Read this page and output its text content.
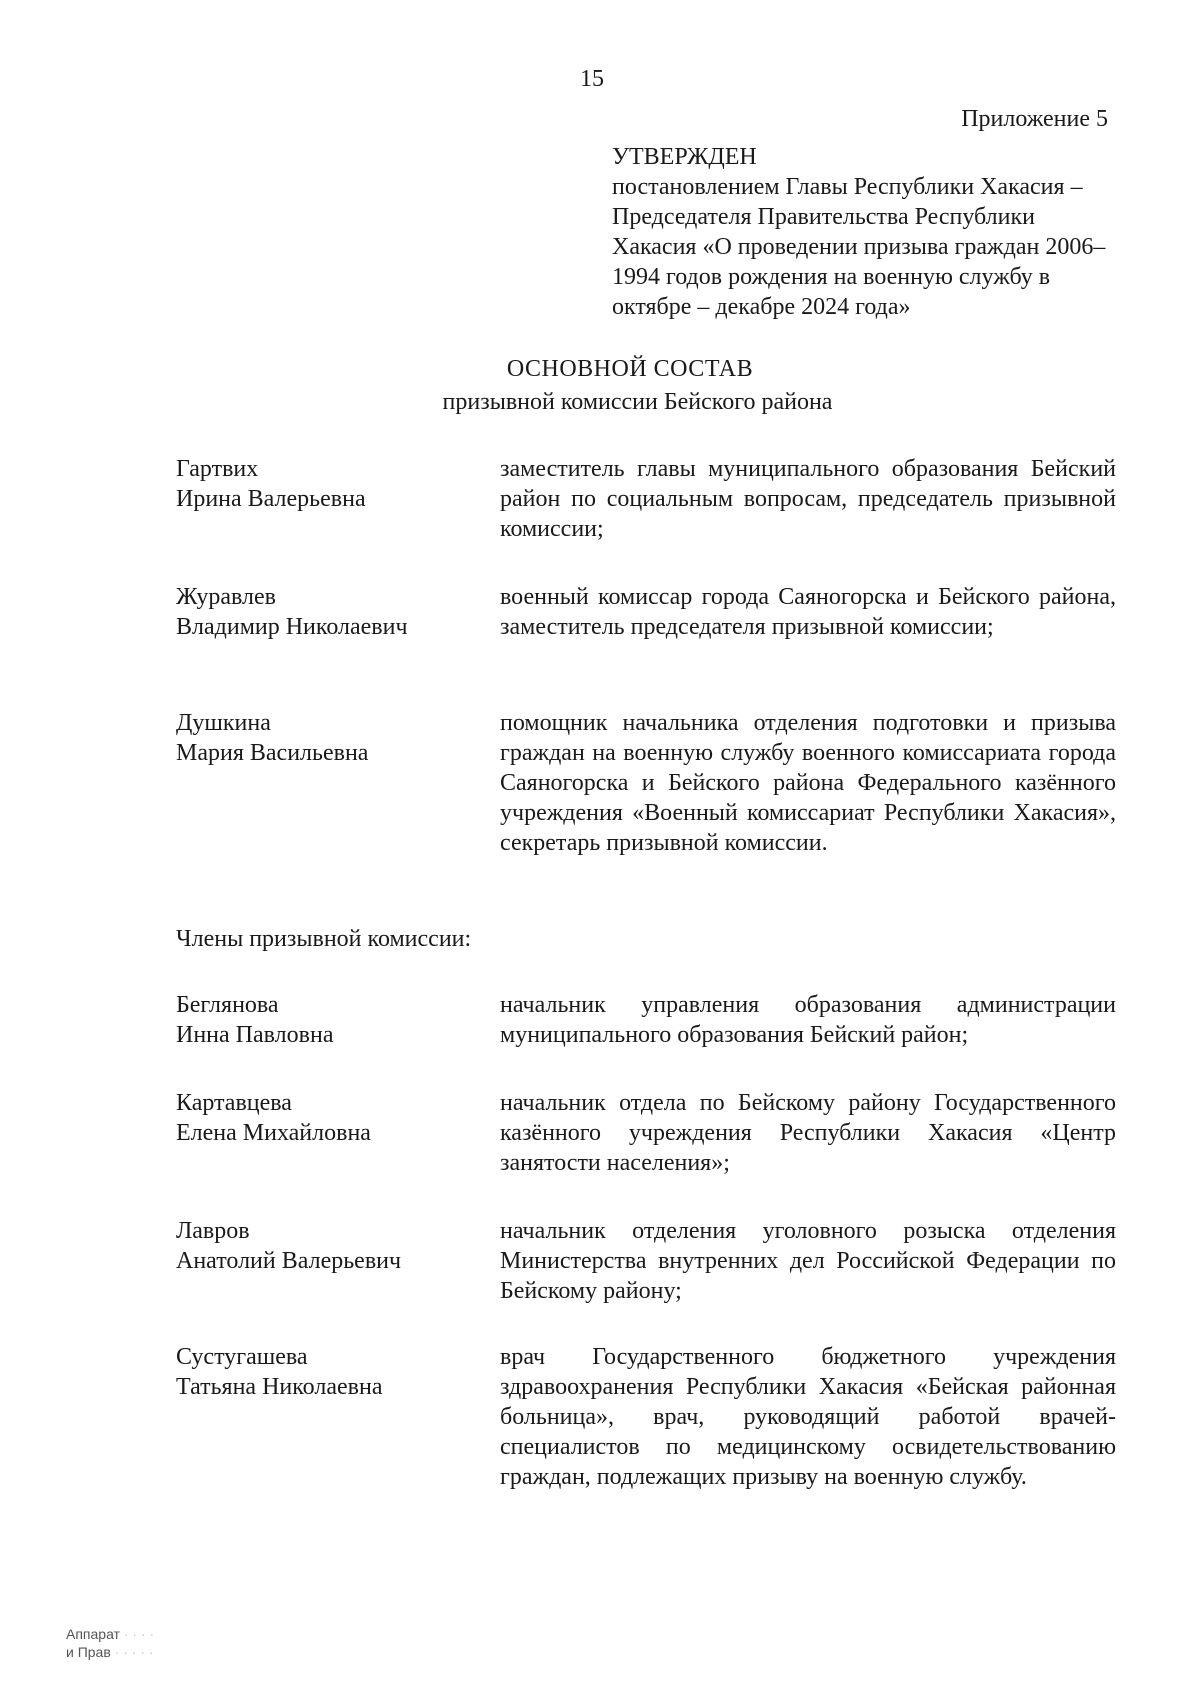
15
Приложение 5
УТВЕРЖДЕН
постановлением Главы Республики Хакасия – Председателя Правительства Республики Хакасия «О проведении призыва граждан 2006–1994 годов рождения на военную службу в октябре – декабре 2024 года»
ОСНОВНОЙ СОСТАВ
призывной комиссии Бейского района
Гартвих
Ирина Валерьевна
заместитель главы муниципального образования Бейский район по социальным вопросам, председатель призывной комиссии;
Журавлев
Владимир Николаевич
военный комиссар города Саяногорска и Бейского района, заместитель председателя призывной комиссии;
Душкина
Мария Васильевна
помощник начальника отделения подготовки и призыва граждан на военную службу военного комиссариата города Саяногорска и Бейского района Федерального казённого учреждения «Военный комиссариат Республики Хакасия», секретарь призывной комиссии.
Члены призывной комиссии:
Беглянова
Инна Павловна
начальник управления образования администрации муниципального образования Бейский район;
Картавцева
Елена Михайловна
начальник отдела по Бейскому району Государственного казённого учреждения Республики Хакасия «Центр занятости населения»;
Лавров
Анатолий Валерьевич
начальник отделения уголовного розыска отделения Министерства внутренних дел Российской Федерации по Бейскому району;
Сустугашева
Татьяна Николаевна
врач Государственного бюджетного учреждения здравоохранения Республики Хакасия «Бейская районная больница», врач, руководящий работой врачей-специалистов по медицинскому освидетельствованию граждан, подлежащих призыву на военную службу.
Аппарат · · · ·
и Прав · · · · ·
